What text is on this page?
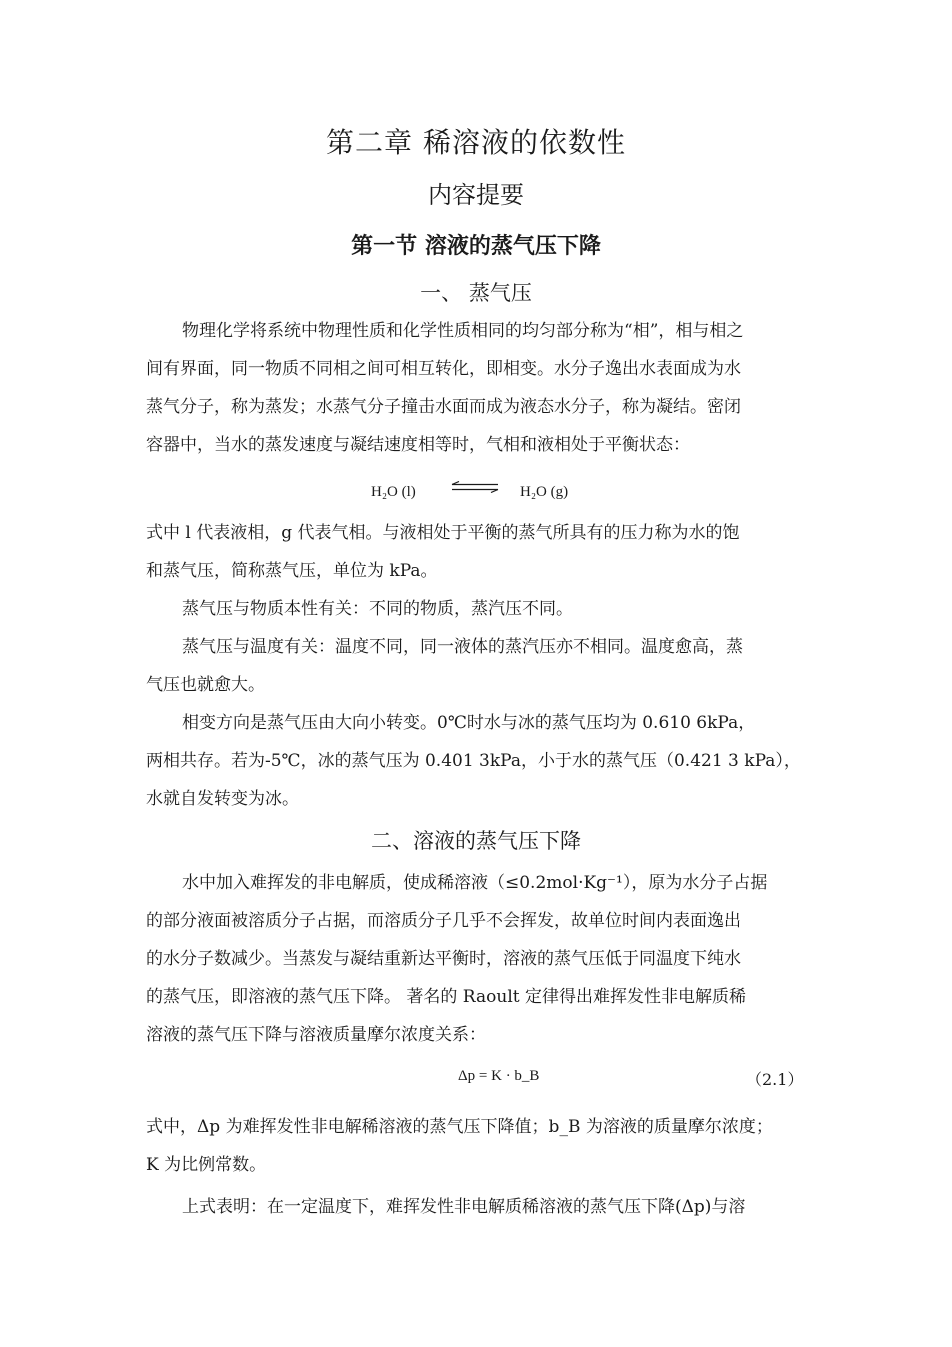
第二章 稀溶液的依数性
内容提要
第一节 溶液的蒸气压下降
一、 蒸气压
物理化学将系统中物理性质和化学性质相同的均匀部分称为“相”，相与相之
间有界面，同一物质不同相之间可相互转化，即相变。水分子逸出水表面成为水
蒸气分子，称为蒸发；水蒸气分子撞击水面而成为液态水分子，称为凝结。密闭
容器中，当水的蒸发速度与凝结速度相等时，气相和液相处于平衡状态：
H₂O (l) ⇌ H₂O (g)
式中 l 代表液相，g 代表气相。与液相处于平衡的蒸气所具有的压力称为水的饱
和蒸气压，简称蒸气压，单位为 kPa。
蒸气压与物质本性有关：不同的物质，蒸汽压不同。
蒸气压与温度有关：温度不同，同一液体的蒸汽压亦不相同。温度愈高，蒸
气压也就愈大。
相变方向是蒸气压由大向小转变。0℃时水与冰的蒸气压均为 0.610 6kPa，
两相共存。若为-5℃，冰的蒸气压为 0.401 3kPa，小于水的蒸气压（0.421 3 kPa），
水就自发转变为冰。
二、溶液的蒸气压下降
水中加入难挥发的非电解质，使成稀溶液（≤0.2mol·Kg⁻¹），原为水分子占据
的部分液面被溶质分子占据，而溶质分子几乎不会挥发，故单位时间内表面逸出
的水分子数减少。当蒸发与凝结重新达平衡时，溶液的蒸气压低于同温度下纯水
的蒸气压，即溶液的蒸气压下降。 著名的 Raoult 定律得出难挥发性非电解质稀
溶液的蒸气压下降与溶液质量摩尔浓度关系：
Δp = K · b_B	（2.1）
式中，Δp 为难挥发性非电解稀溶液的蒸气压下降值；b_B 为溶液的质量摩尔浓度；
K 为比例常数。
上式表明：在一定温度下，难挥发性非电解质稀溶液的蒸气压下降(Δp)与溶
